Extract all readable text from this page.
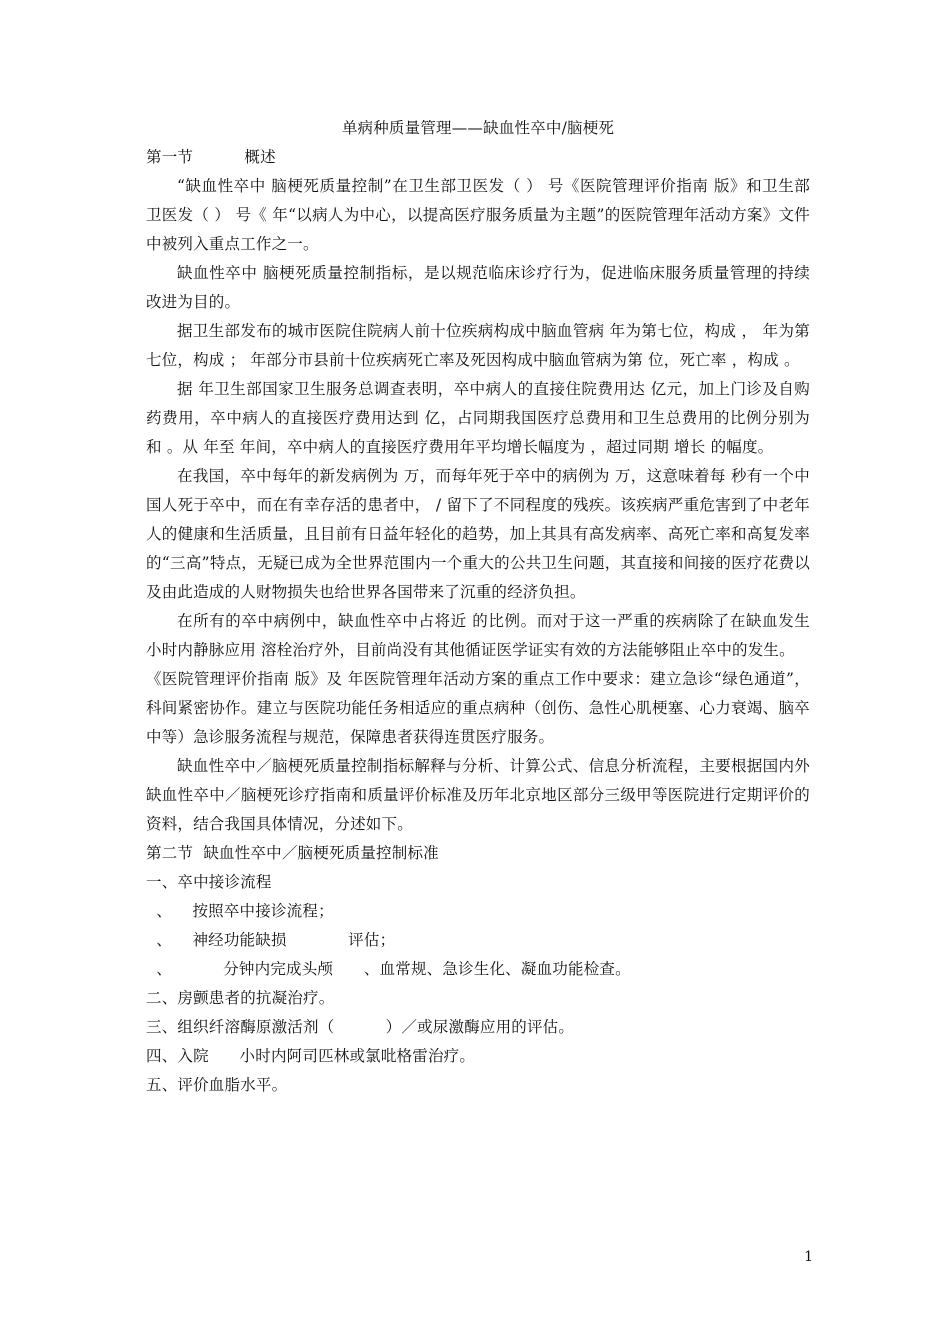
单病种质量管理——缺血性卒中/脑梗死
第一节          概述

“缺血性卒中 脑梗死质量控制”在卫生部卫医发（ ） 号《医院管理评价指南 版》和卫生部卫医发（ ） 号《 年“以病人为中心，以提高医疗服务质量为主题”的医院管理年活动方案》文件中被列入重点工作之一。

缺血性卒中 脑梗死质量控制指标，是以规范临床诊疗行为，促进临床服务质量管理的持续改进为目的。

据卫生部发布的城市医院住院病人前十位疾病构成中脑血管病 年为第七位，构成 ， 年为第七位，构成 ； 年部分市县前十位疾病死亡率及死因构成中脑血管病为第 位，死亡率 ，构成 。

据 年卫生部国家卫生服务总调查表明，卒中病人的直接住院费用达 亿元，加上门诊及自购药费用，卒中病人的直接医疗费用达到 亿，占同期我国医疗总费用和卫生总费用的比例分别为 和 。从 年至 年间，卒中病人的直接医疗费用年平均增长幅度为 ，超过同期 增长 的幅度。

在我国，卒中每年的新发病例为 万，而每年死于卒中的病例为 万，这意味着每 秒有一个中国人死于卒中，而在有幸存活的患者中， / 留下了不同程度的残疾。该疾病严重危害到了中老年人的健康和生活质量，且目前有日益年轻化的趋势，加上其具有高发病率、高死亡率和高复发率的“三高”特点，无疑已成为全世界范围内一个重大的公共卫生问题，其直接和间接的医疗花费以及由此造成的人财物损失也给世界各国带来了沉重的经济负担。

在所有的卒中病例中，缺血性卒中占将近 的比例。而对于这一严重的疾病除了在缺血发生 小时内静脉应用 溶栓治疗外，目前尚没有其他循证医学证实有效的方法能够阻止卒中的发生。

《医院管理评价指南 版》及 年医院管理年活动方案的重点工作中要求：建立急诊“绿色通道”，科间紧密协作。建立与医院功能任务相适应的重点病种（创伤、急性心肌梗塞、心力衰竭、脑卒中等）急诊服务流程与规范，保障患者获得连贯医疗服务。

缺血性卒中／脑梗死质量控制指标解释与分析、计算公式、信息分析流程，主要根据国内外缺血性卒中／脑梗死诊疗指南和质量评价标准及历年北京地区部分三级甲等医院进行定期评价的资料，结合我国具体情况，分述如下。

第二节  缺血性卒中／脑梗死质量控制标准
一、卒中接诊流程
、    按照卒中接诊流程；
、    神经功能缺损            评估；
、          分钟内完成头颅      、血常规、急诊生化、凝血功能检查。
二、房颤患者的抗凝治疗。
三、组织纤溶酶原激活剂（          ）／或尿激酶应用的评估。
四、入院      小时内阿司匹林或氯吡格雷治疗。
五、评价血脂水平。
1
